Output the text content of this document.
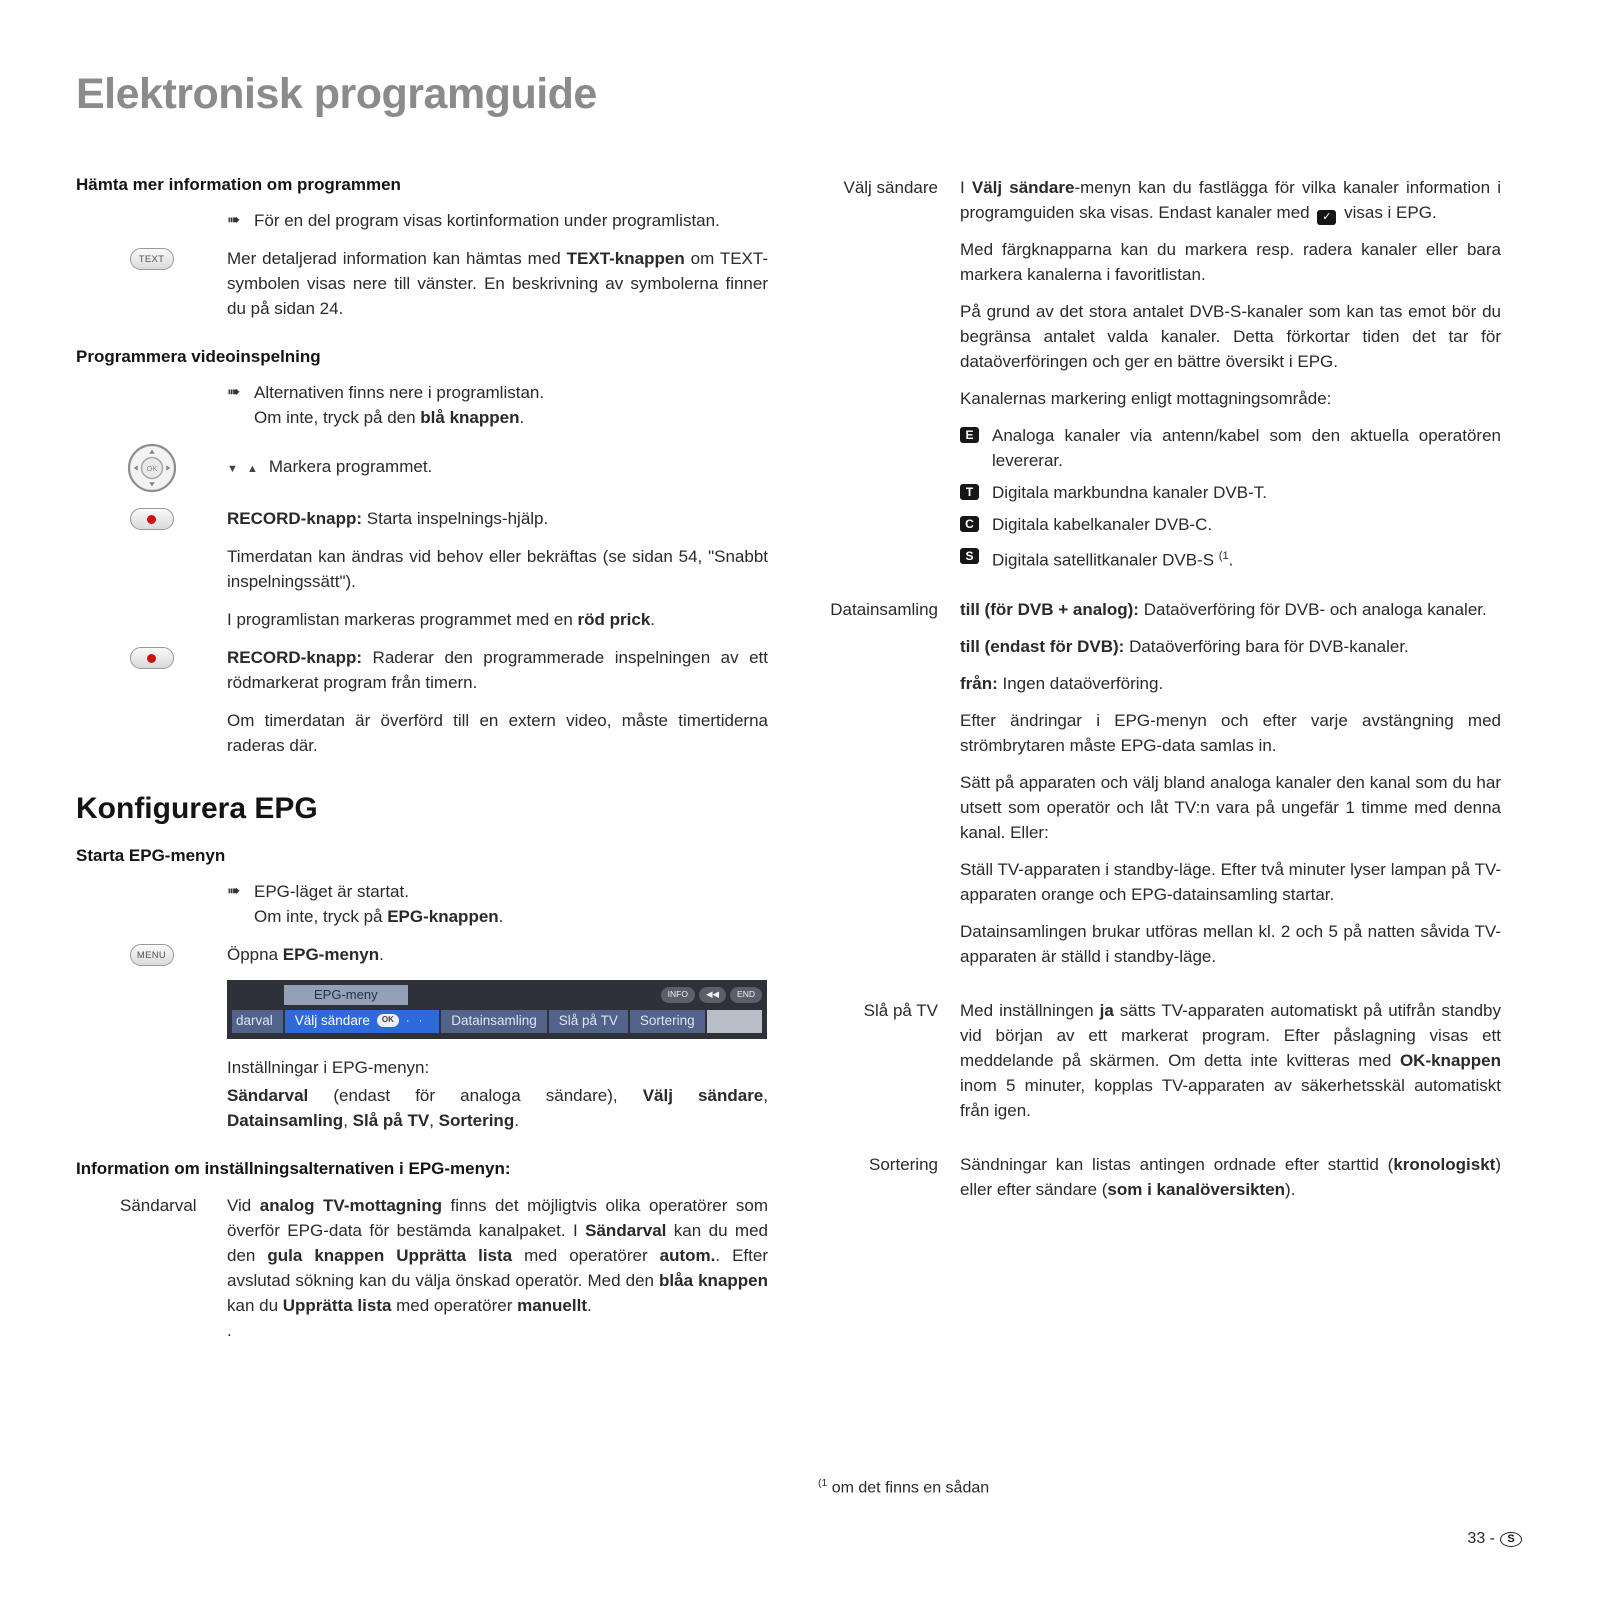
Elektronisk programguide
Hämta mer information om programmen
➠ För en del program visas kortinformation under programlistan.
TEXT	Mer detaljerad information kan hämtas med TEXT-knappen om TEXT-symbolen visas nere till vänster. En beskrivning av symbolerna finner du på sidan 24.
Programmera videoinspelning
➠ Alternativen finns nere i programlistan.
Om inte, tryck på den blå knappen.
OK	▼ ▲ Markera programmet.
RECORD-knapp: Starta inspelnings-hjälp.

Timerdatan kan ändras vid behov eller bekräftas (se sidan 54, "Snabbt inspelningssätt").

I programlistan markeras programmet med en röd prick.

RECORD-knapp: Raderar den programmerade inspelningen av ett rödmarkerat program från timern.

Om timerdatan är överförd till en extern video, måste timertiderna raderas där.

Konfigurera EPG
Starta EPG-menyn
➠ EPG-läget är startat.
Om inte, tryck på EPG-knappen.
MENU	Öppna EPG-menyn.
EPG-meny	INFO	◀◀	END
darval	Välj sändare	OK	· ·	Datainsamling	Slå på TV	Sortering

Inställningar i EPG-menyn:

Sändarval (endast för analoga sändare), Välj sändare, Datainsamling, Slå på TV, Sortering.

Information om inställningsalternativen i EPG-menyn:
Sändarval	Vid analog TV-mottagning finns det möjligtvis olika operatörer som överför EPG-data för bestämda kanalpaket. I Sändarval kan du med den gula knappen Upprätta lista med operatörer autom.. Efter avslutad sökning kan du välja önskad operatör. Med den blåa knappen kan du Upprätta lista med operatörer manuellt.
.
Välj sändare	I Välj sändare-menyn kan du fastlägga för vilka kanaler information i programguiden ska visas. Endast kanaler med ✓ visas i EPG.

Med färgknapparna kan du markera resp. radera kanaler eller bara markera kanalerna i favoritlistan.

På grund av det stora antalet DVB-S-kanaler som kan tas emot bör du begränsa antalet valda kanaler. Detta förkortar tiden det tar för dataöverföringen och ger en bättre översikt i EPG.

Kanalernas markering enligt mottagningsområde:

E	Analoga kanaler via antenn/kabel som den aktuella operatören levererar.
T	Digitala markbundna kanaler DVB-T.
C	Digitala kabelkanaler DVB-C.
S	Digitala satellitkanaler DVB-S $^{(1}$.
Datainsamling	till (för DVB + analog): Dataöverföring för DVB- och analoga kanaler.

till (endast för DVB): Dataöverföring bara för DVB-kanaler.

från: Ingen dataöverföring.

Efter ändringar i EPG-menyn och efter varje avstängning med strömbrytaren måste EPG-data samlas in.

Sätt på apparaten och välj bland analoga kanaler den kanal som du har utsett som operatör och låt TV:n vara på ungefär 1 timme med denna kanal. Eller:

Ställ TV-apparaten i standby-läge. Efter två minuter lyser lampan på TV-apparaten orange och EPG-datainsamling startar.

Datainsamlingen brukar utföras mellan kl. 2 och 5 på natten såvida TV-apparaten är ställd i standby-läge.

Slå på TV	Med inställningen ja sätts TV-apparaten automatiskt på utifrån standby vid början av ett markerat program. Efter påslagning visas ett meddelande på skärmen. Om detta inte kvitteras med OK-knappen inom 5 minuter, kopplas TV-apparaten av säkerhetsskäl automatiskt från igen.

Sortering	Sändningar kan listas antingen ordnade efter starttid (kronologiskt) eller efter sändare (som i kanalöversikten).

$^{(1}$ om det finns en sådan
33 -	S
